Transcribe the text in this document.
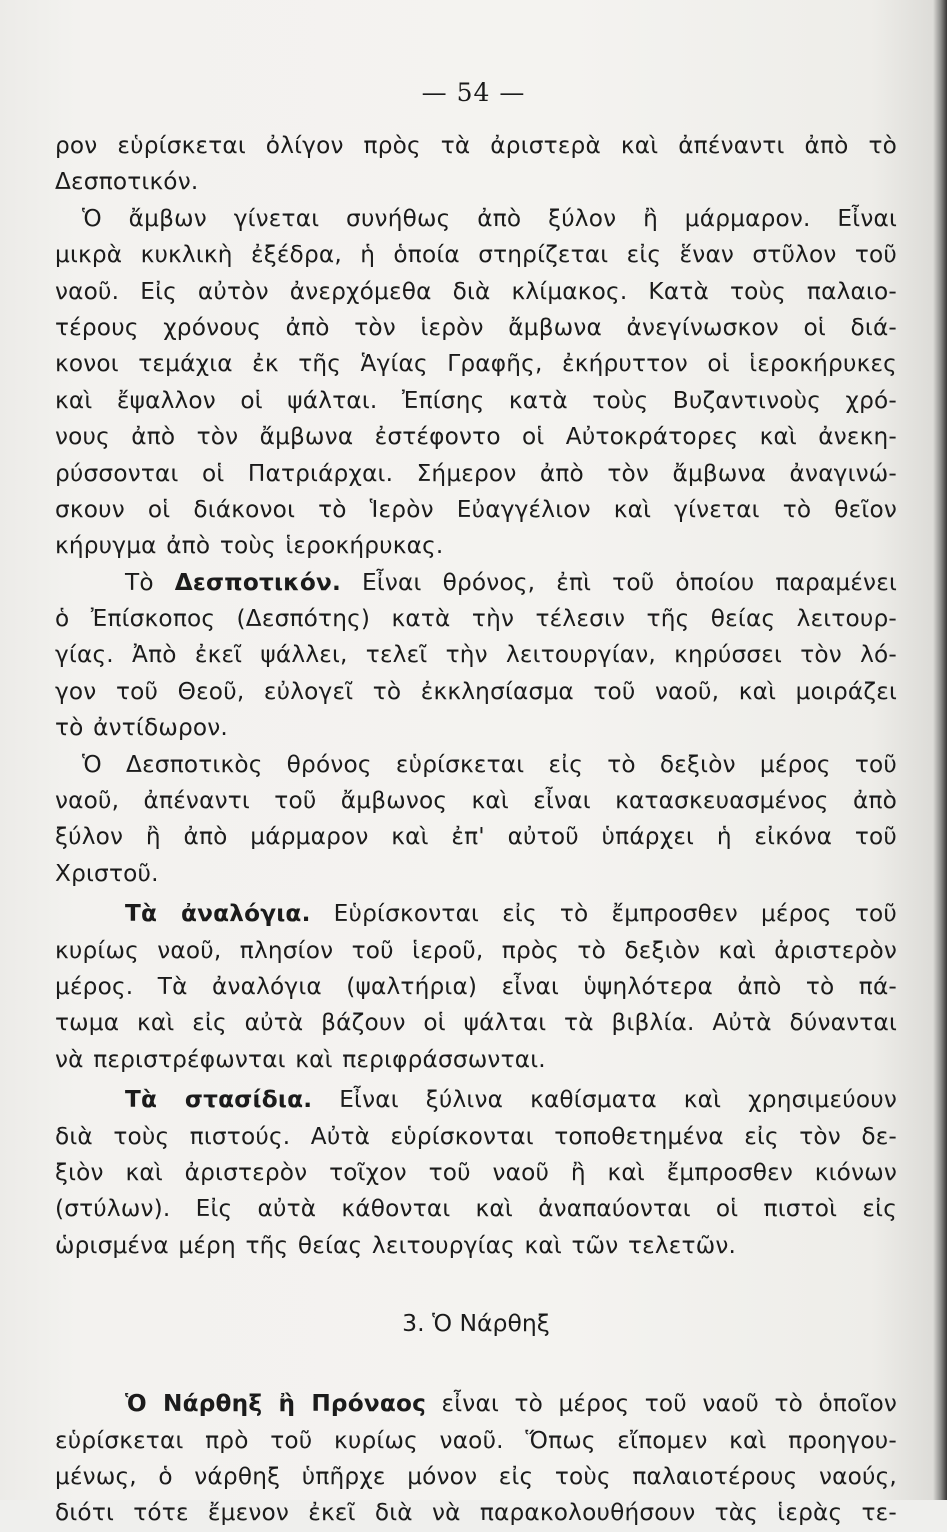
— 54 —
ρον εὑρίσκεται ὀλίγον πρὸς τὰ ἀριστερὰ καὶ ἀπέναντι ἀπὸ τὸ
Δεσποτικόν.
Ὁ ἄμβων γίνεται συνήθως ἀπὸ ξύλον ἢ μάρμαρον. Εἶναι
μικρὰ κυκλικὴ ἐξέδρα, ἡ ὁποία στηρίζεται εἰς ἕναν στῦλον τοῦ
ναοῦ. Εἰς αὐτὸν ἀνερχόμεθα διὰ κλίμακος. Κατὰ τοὺς παλαιο-
τέρους χρόνους ἀπὸ τὸν ἱερὸν ἄμβωνα ἀνεγίνωσκον οἱ διά-
κονοι τεμάχια ἐκ τῆς Ἁγίας Γραφῆς, ἐκήρυττον οἱ ἱεροκήρυκες
καὶ ἔψαλλον οἱ ψάλται. Ἐπίσης κατὰ τοὺς Βυζαντινοὺς χρό-
νους ἀπὸ τὸν ἄμβωνα ἐστέφοντο οἱ Αὐτοκράτορες καὶ ἀνεκη-
ρύσσονται οἱ Πατριάρχαι. Σήμερον ἀπὸ τὸν ἄμβωνα ἀναγινώ-
σκουν οἱ διάκονοι τὸ Ἱερὸν Εὐαγγέλιον καὶ γίνεται τὸ θεῖον
κήρυγμα ἀπὸ τοὺς ἱεροκήρυκας.
Τὸ Δεσποτικόν. Εἶναι θρόνος, ἐπὶ τοῦ ὁποίου παραμένει
ὁ Ἐπίσκοπος (Δεσπότης) κατὰ τὴν τέλεσιν τῆς θείας λειτουρ-
γίας. Ἀπὸ ἐκεῖ ψάλλει, τελεῖ τὴν λειτουργίαν, κηρύσσει τὸν λό-
γον τοῦ Θεοῦ, εὐλογεῖ τὸ ἐκκλησίασμα τοῦ ναοῦ, καὶ μοιράζει
τὸ ἀντίδωρον.
Ὁ Δεσποτικὸς θρόνος εὑρίσκεται εἰς τὸ δεξιὸν μέρος τοῦ
ναοῦ, ἀπέναντι τοῦ ἄμβωνος καὶ εἶναι κατασκευασμένος ἀπὸ
ξύλον ἢ ἀπὸ μάρμαρον καὶ ἐπ' αὐτοῦ ὑπάρχει ἡ εἰκόνα τοῦ
Χριστοῦ.
Τὰ ἀναλόγια. Εὑρίσκονται εἰς τὸ ἔμπροσθεν μέρος τοῦ
κυρίως ναοῦ, πλησίον τοῦ ἱεροῦ, πρὸς τὸ δεξιὸν καὶ ἀριστερὸν
μέρος. Τὰ ἀναλόγια (ψαλτήρια) εἶναι ὑψηλότερα ἀπὸ τὸ πά-
τωμα καὶ εἰς αὐτὰ βάζουν οἱ ψάλται τὰ βιβλία. Αὐτὰ δύνανται
νὰ περιστρέφωνται καὶ περιφράσσωνται.
Τὰ στασίδια. Εἶναι ξύλινα καθίσματα καὶ χρησιμεύουν
διὰ τοὺς πιστούς. Αὐτὰ εὑρίσκονται τοποθετημένα εἰς τὸν δε-
ξιὸν καὶ ἀριστερὸν τοῖχον τοῦ ναοῦ ἢ καὶ ἔμπροσθεν κιόνων
(στύλων). Εἰς αὐτὰ κάθονται καὶ ἀναπαύονται οἱ πιστοὶ εἰς
ὡρισμένα μέρη τῆς θείας λειτουργίας καὶ τῶν τελετῶν.
3. Ὁ Νάρθηξ
Ὁ Νάρθηξ ἢ Πρόναος εἶναι τὸ μέρος τοῦ ναοῦ τὸ ὁποῖον
εὑρίσκεται πρὸ τοῦ κυρίως ναοῦ. Ὅπως εἴπομεν καὶ προηγου-
μένως, ὁ νάρθηξ ὑπῆρχε μόνον εἰς τοὺς παλαιοτέρους ναούς,
διότι τότε ἔμενον ἐκεῖ διὰ νὰ παρακολουθήσουν τὰς ἱερὰς τε-
